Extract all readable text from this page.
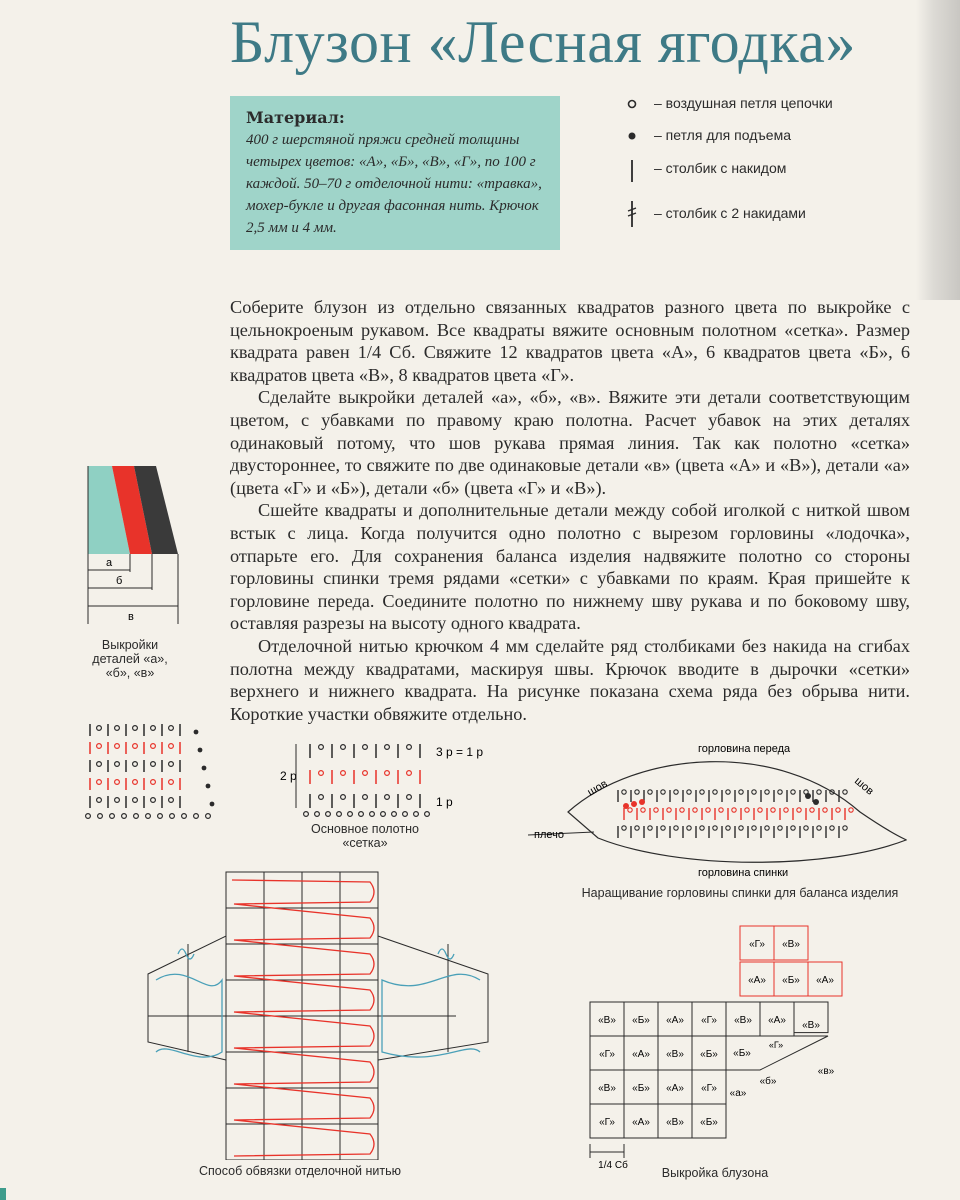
Блузон «Лесная ягодка»
Материал:
400 г шерстяной пряжи средней толщины четырех цветов: «А», «Б», «В», «Г», по 100 г каждой. 50–70 г отделочной нити: «травка», мохер-букле и другая фасонная нить. Крючок 2,5 мм и 4 мм.
– воздушная петля цепочки
– петля для подъема
– столбик с накидом
– столбик с 2 накидами

Соберите блузон из отдельно связанных квадратов разного цвета по выкройке с цельнокроеным рукавом. Все квадраты вяжите основным полотном «сетка». Размер квадрата равен 1/4 Сб. Свяжите 12 квадратов цвета «А», 6 квадратов цвета «Б», 6 квадратов цвета «В», 8 квадратов цвета «Г».

Сделайте выкройки деталей «а», «б», «в». Вяжите эти детали соответствующим цветом, с убавками по правому краю полотна. Расчет убавок на этих деталях одинаковый потому, что шов рукава прямая линия. Так как полотно «сетка» двустороннее, то свяжите по две одинаковые детали «в» (цвета «А» и «В»), детали «а» (цвета «Г» и «Б»), детали «б» (цвета «Г» и «В»).

Сшейте квадраты и дополнительные детали между собой иголкой с ниткой швом встык с лица. Когда получится одно полотно с вырезом горловины «лодочка», отпарьте его. Для сохранения баланса изделия надвяжите полотно со стороны горловины спинки тремя рядами «сетки» с убавками по краям. Края пришейте к горловине переда. Соедините полотно по нижнему шву рукава и по боковому шву, оставляя разрезы на высоту одного квадрата.

Отделочной нитью крючком 4 мм сделайте ряд столбиками без накида на сгибах полотна между квадратами, маскируя швы. Крючок вводите в дырочки «сетки» верхнего и нижнего квадрата. На рисунке показана схема ряда без обрыва нити. Короткие участки обвяжите отдельно.

а
б
в
Выкройки деталей «а», «б», «в»
3 р = 1 р
2 р
1 р
Основное полотно «сетка»
горловина переда
горловина спинки
шов	шов
плечо
Наращивание горловины спинки для баланса изделия
Способ обвязки отделочной нитью
«В» «Б» «А» «Г» «В» «А»
«Г» «А» «В» «Б»
«В» «Б» «А» «Г»
«Г» «А» «В» «Б»
«Г» «В»
«А» «Б» «А»
«В»
«Б»
«Г»
«а»
«б»
«в»
1/4 Сб
Выкройка блузона
